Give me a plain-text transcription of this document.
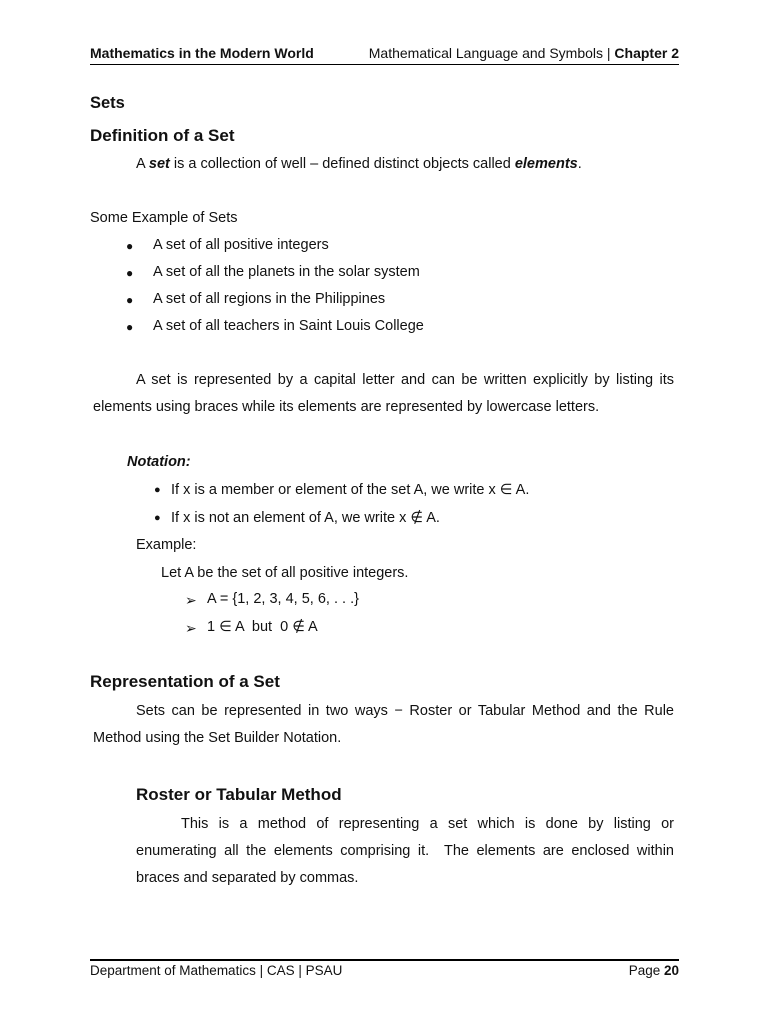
Mathematics in the Modern World	Mathematical Language and Symbols | Chapter 2
Sets
Definition of a Set
A set is a collection of well – defined distinct objects called elements.
Some Example of Sets
● A set of all positive integers
● A set of all the planets in the solar system
● A set of all regions in the Philippines
● A set of all teachers in Saint Louis College
A set is represented by a capital letter and can be written explicitly by listing its
elements using braces while its elements are represented by lowercase letters.
Notation:
● If x is a member or element of the set A, we write x ∈ A.
● If x is not an element of A, we write x ∉ A.
Example:
Let A be the set of all positive integers.
➢ A = {1, 2, 3, 4, 5, 6, . . .}
➢ 1 ∈ A  but  0 ∉ A
Representation of a Set
Sets can be represented in two ways − Roster or Tabular Method and the Rule
Method using the Set Builder Notation.
Roster or Tabular Method
This is a method of representing a set which is done by listing or
enumerating all the elements comprising it.  The elements are enclosed within
braces and separated by commas.
Department of Mathematics | CAS | PSAU	Page 20
